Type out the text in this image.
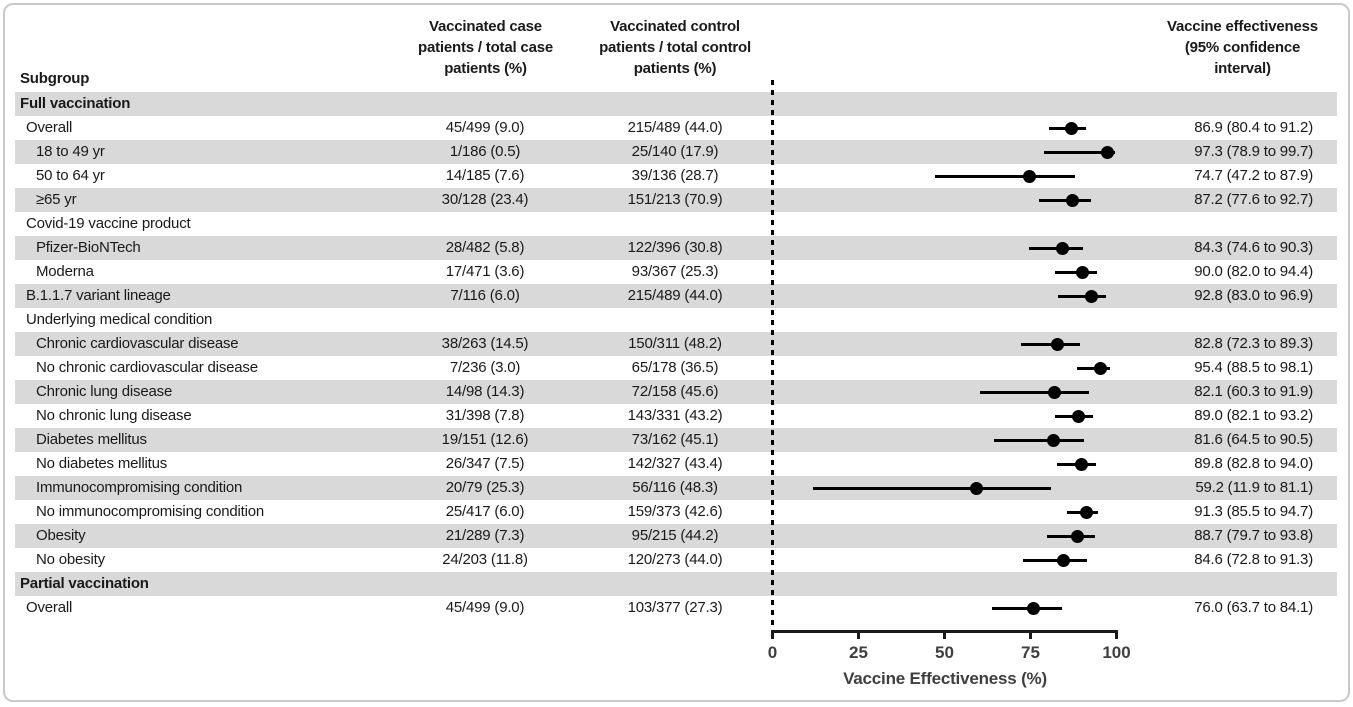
Subgroup
Vaccinated case patients / total case patients (%)
Vaccinated control patients / total control patients (%)
Vaccine effectiveness (95% confidence interval)
Full vaccination
Overall	45/499 (9.0)	215/489 (44.0)	86.9 (80.4 to 91.2)
18 to 49 yr	1/186 (0.5)	25/140 (17.9)	97.3 (78.9 to 99.7)
50 to 64 yr	14/185 (7.6)	39/136 (28.7)	74.7 (47.2 to 87.9)
≥65 yr	30/128 (23.4)	151/213 (70.9)	87.2 (77.6 to 92.7)
Covid-19 vaccine product
Pfizer-BioNTech	28/482 (5.8)	122/396 (30.8)	84.3 (74.6 to 90.3)
Moderna	17/471 (3.6)	93/367 (25.3)	90.0 (82.0 to 94.4)
B.1.1.7 variant lineage	7/116 (6.0)	215/489 (44.0)	92.8 (83.0 to 96.9)
Underlying medical condition
Chronic cardiovascular disease	38/263 (14.5)	150/311 (48.2)	82.8 (72.3 to 89.3)
No chronic cardiovascular disease	7/236 (3.0)	65/178 (36.5)	95.4 (88.5 to 98.1)
Chronic lung disease	14/98 (14.3)	72/158 (45.6)	82.1 (60.3 to 91.9)
No chronic lung disease	31/398 (7.8)	143/331 (43.2)	89.0 (82.1 to 93.2)
Diabetes mellitus	19/151 (12.6)	73/162 (45.1)	81.6 (64.5 to 90.5)
No diabetes mellitus	26/347 (7.5)	142/327 (43.4)	89.8 (82.8 to 94.0)
Immunocompromising condition	20/79 (25.3)	56/116 (48.3)	59.2 (11.9 to 81.1)
No immunocompromising condition	25/417 (6.0)	159/373 (42.6)	91.3 (85.5 to 94.7)
Obesity	21/289 (7.3)	95/215 (44.2)	88.7 (79.7 to 93.8)
No obesity	24/203 (11.8)	120/273 (44.0)	84.6 (72.8 to 91.3)
Partial vaccination
Overall	45/499 (9.0)	103/377 (27.3)	76.0 (63.7 to 84.1)
0	25	50	75	100
Vaccine Effectiveness (%)
